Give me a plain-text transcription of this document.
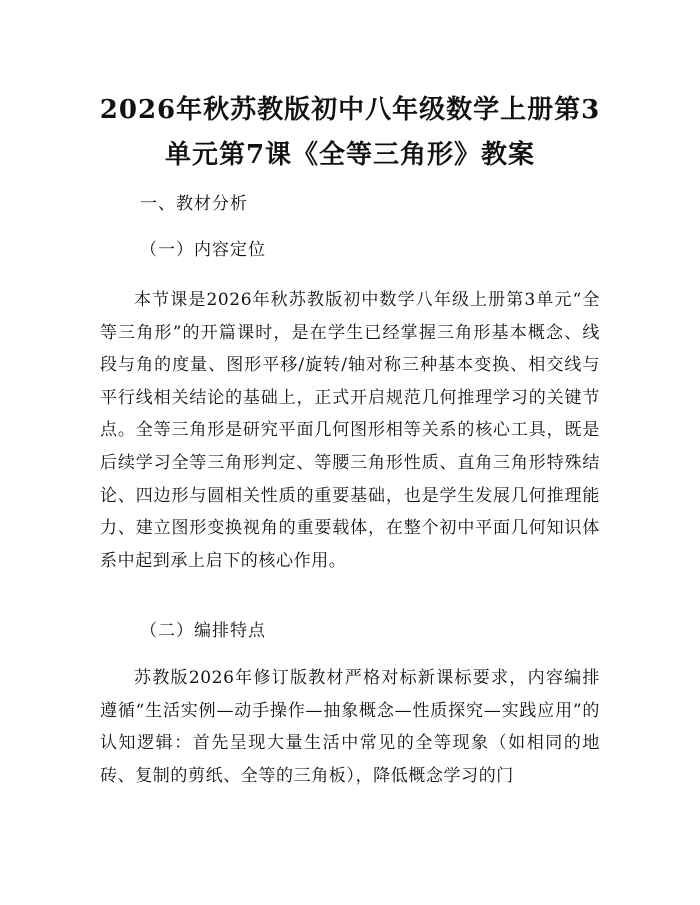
2026年秋苏教版初中八年级数学上册第3单元第7课《全等三角形》教案
一、教材分析
（一）内容定位

本节课是2026年秋苏教版初中数学八年级上册第3单元“全等三角形”的开篇课时，是在学生已经掌握三角形基本概念、线段与角的度量、图形平移/旋转/轴对称三种基本变换、相交线与平行线相关结论的基础上，正式开启规范几何推理学习的关键节点。全等三角形是研究平面几何图形相等关系的核心工具，既是后续学习全等三角形判定、等腰三角形性质、直角三角形特殊结论、四边形与圆相关性质的重要基础，也是学生发展几何推理能力、建立图形变换视角的重要载体，在整个初中平面几何知识体系中起到承上启下的核心作用。

（二）编排特点

苏教版2026年修订版教材严格对标新课标要求，内容编排遵循“生活实例—动手操作—抽象概念—性质探究—实践应用”的认知逻辑：首先呈现大量生活中常见的全等现象（如相同的地砖、复制的剪纸、全等的三角板），降低概念学习的门
